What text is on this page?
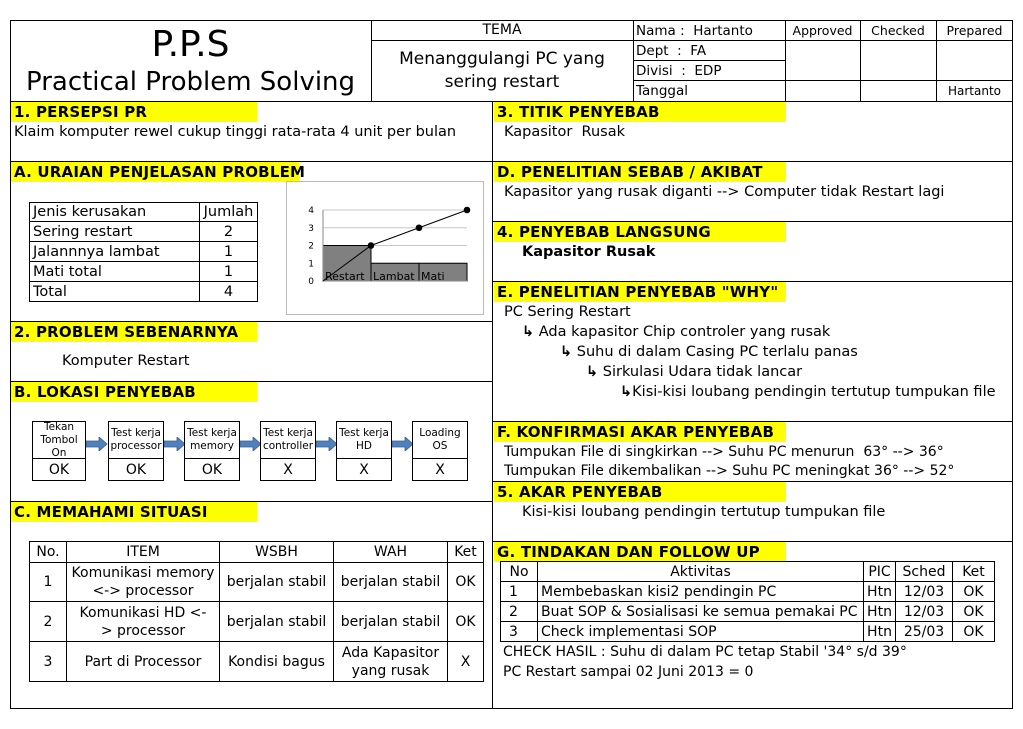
P.P.S
Practical Problem Solving
TEMA
Menanggulangi PC yang
sering restart
Nama :  Hartanto
Dept  :  FA
Divisi  :  EDP
Tanggal
Approved	Checked	Prepared
Hartanto
1. PERSEPSI PR
Klaim komputer rewel cukup tinggi rata-rata 4 unit per bulan
A. URAIAN PENJELASAN PROBLEM
Jenis kerusakan	Jumlah
Sering restart	2
Jalannnya lambat	1
Mati total	1
Total	4
0
1
2
3
4
Restart Lambat Mati
2. PROBLEM SEBENARNYA
Komputer Restart
B. LOKASI PENYEBAB
Tekan Tombol On
OK
Test kerja processor
OK
Test kerja memory
OK
Test kerja controller
X
Test kerja HD
X
Loading OS
X
C. MEMAHAMI SITUASI
No.	ITEM	WSBH	WAH	Ket
1	Komunikasi memory <-> processor	berjalan stabil	berjalan stabil	OK
2	Komunikasi HD <-> processor	berjalan stabil	berjalan stabil	OK
3	Part di Processor	Kondisi bagus	Ada Kapasitor yang rusak	X
3. TITIK PENYEBAB
Kapasitor  Rusak
D. PENELITIAN SEBAB / AKIBAT
Kapasitor yang rusak diganti --> Computer tidak Restart lagi
4. PENYEBAB LANGSUNG
Kapasitor Rusak
E. PENELITIAN PENYEBAB "WHY"
PC Sering Restart
↳ Ada kapasitor Chip controler yang rusak
↳ Suhu di dalam Casing PC terlalu panas
↳ Sirkulasi Udara tidak lancar
↳Kisi-kisi loubang pendingin tertutup tumpukan file
F. KONFIRMASI AKAR PENYEBAB
Tumpukan File di singkirkan --> Suhu PC menurun  63° --> 36°
Tumpukan File dikembalikan --> Suhu PC meningkat 36° --> 52°
5. AKAR PENYEBAB
Kisi-kisi loubang pendingin tertutup tumpukan file
G. TINDAKAN DAN FOLLOW UP
No	Aktivitas	PIC	Sched	Ket
1	Membebaskan kisi2 pendingin PC	Htn	12/03	OK
2	Buat SOP & Sosialisasi ke semua pemakai PC	Htn	12/03	OK
3	Check implementasi SOP	Htn	25/03	OK
CHECK HASIL : Suhu di dalam PC tetap Stabil '34° s/d 39°
PC Restart sampai 02 Juni 2013 = 0
